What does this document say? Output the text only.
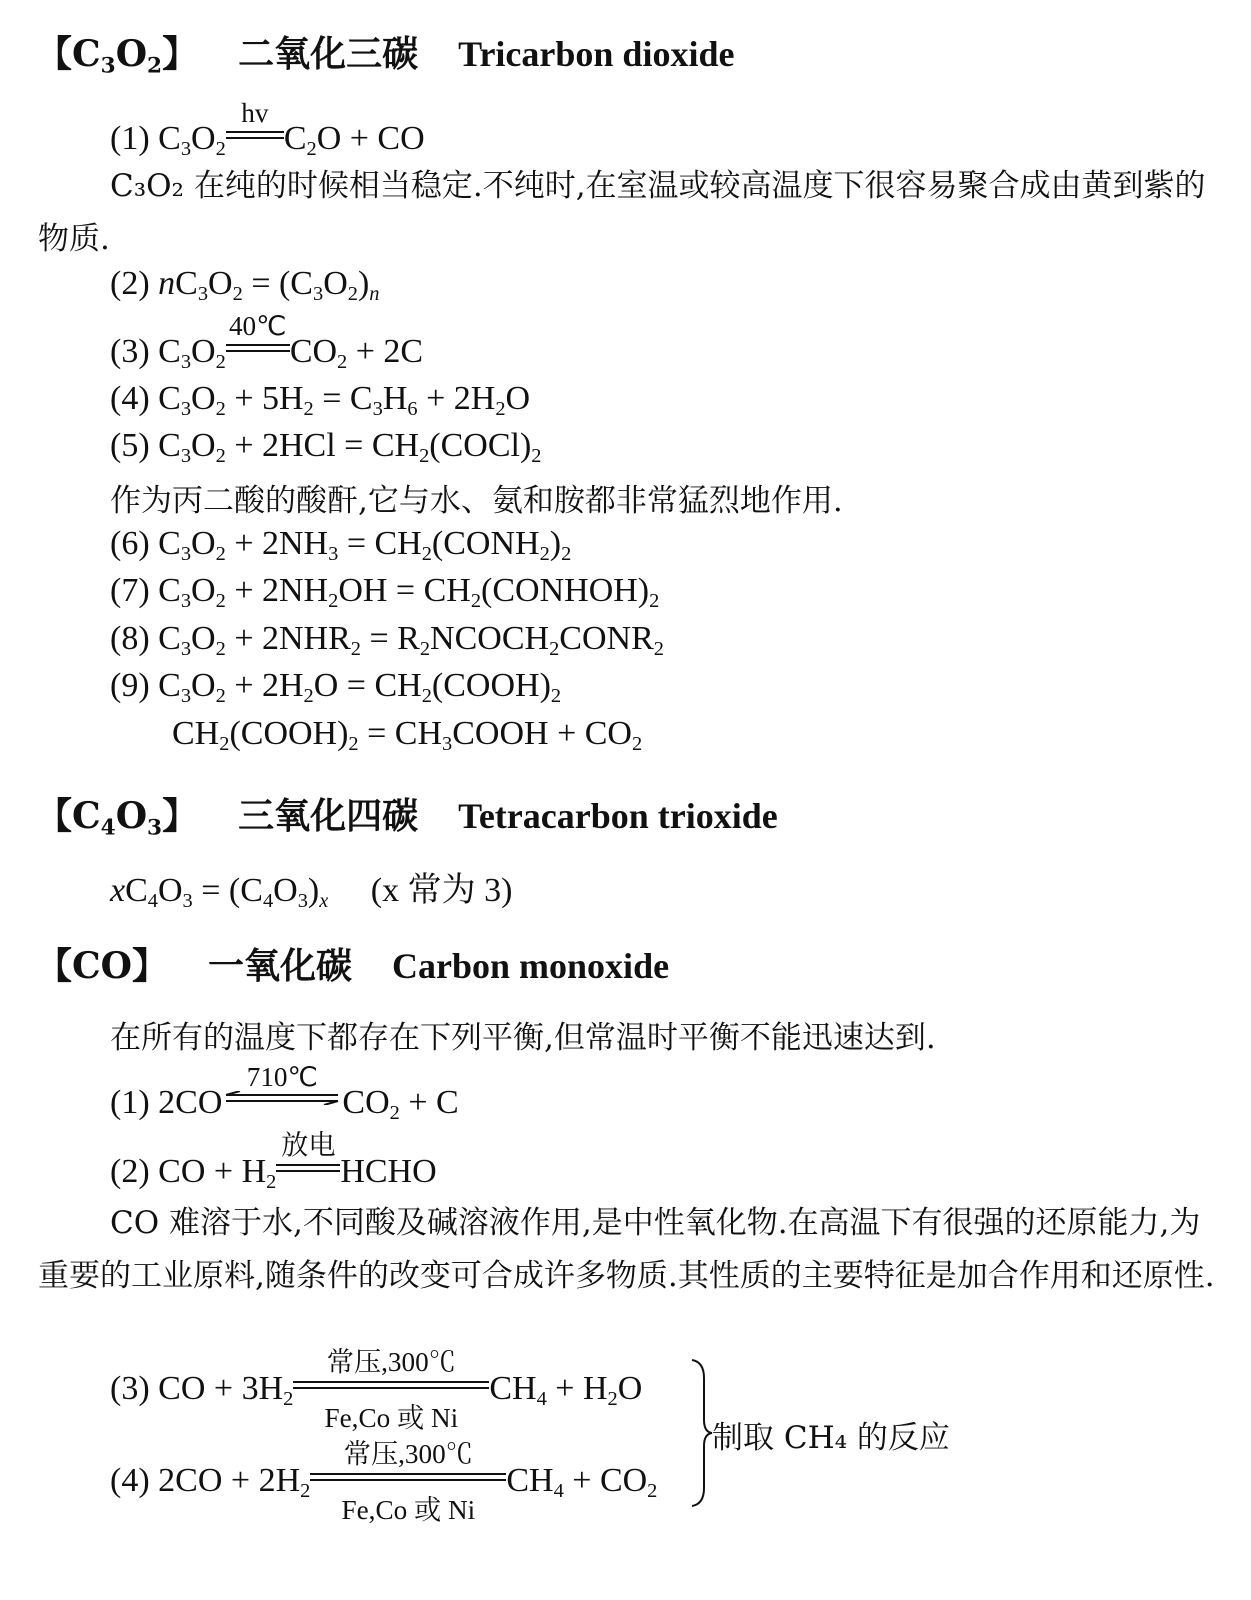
【$C_3O_2$】 二氧化三碳 Tricarbon dioxide
(1) $C_3O_2$
hv
$C_2O$ + CO
C₃O₂ 在纯的时候相当稳定.不纯时,在室温或较高温度下很容易聚合成由黄到紫的物质.
(2) $nC_3O_2 = (C_3O_2)_n$
(3) $C_3O_2$
40℃
$CO_2 + 2C$
(4) $C_3O_2 + 5H_2 = C_3H_6 + 2H_2O$
(5) $C_3O_2 + 2HCl$ = $CH_2(COCl)_2$
作为丙二酸的酸酐,它与水、氨和胺都非常猛烈地作用.
(6) $C_3O_2 + 2NH_3$ = $CH_2(CONH_2)_2$
(7) $C_3O_2 + 2NH_2OH$ = $CH_2(CONHOH)_2$
(8) $C_3O_2 + 2NHR_2$ = $R_2NCOCH_2CONR_2$
(9) $C_3O_2 + 2H_2O$ = $CH_2(COOH)_2$
$CH_2(COOH)_2$ = $CH_3COOH + CO_2$
【$C_4O_3$】 三氧化四碳 Tetracarbon trioxide
$xC_4O_3 = (C_4O_3)_x$ (x 常为 3)
【CO】 一氧化碳 Carbon monoxide
在所有的温度下都存在下列平衡,但常温时平衡不能迅速达到.
(1) 2CO
710℃
$CO_2 + C$
(2) CO + $H_2$
放电
HCHO
CO 难溶于水,不同酸及碱溶液作用,是中性氧化物.在高温下有很强的还原能力,为重要的工业原料,随条件的改变可合成许多物质.其性质的主要特征是加合作用和还原性.
(3) CO + $3H_2$
常压,300℃
Fe,Co 或 Ni
$CH_4 + H_2O$
(4) $2CO + 2H_2$
常压,300℃
Fe,Co 或 Ni
$CH_4 + CO_2$
制取 CH₄ 的反应
